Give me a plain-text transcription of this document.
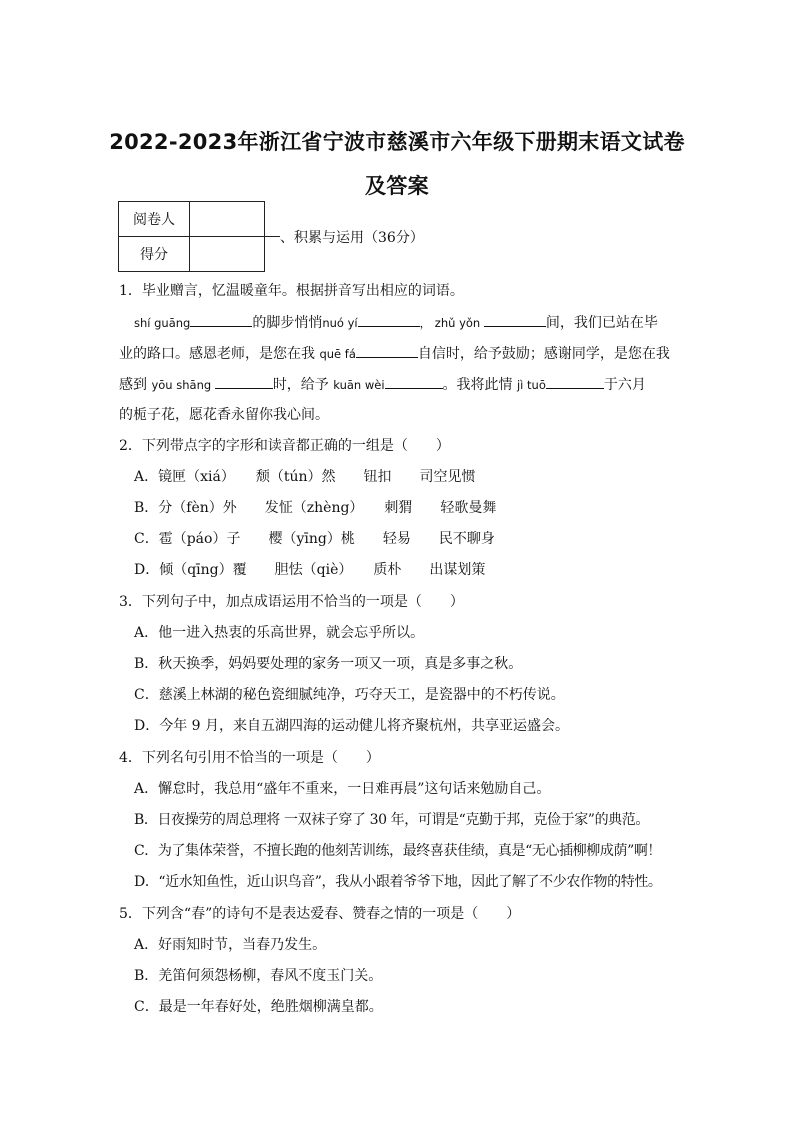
2022-2023年浙江省宁波市慈溪市六年级下册期末语文试卷
及答案
阅卷人	
得分	
、积累与运用（36分）
1．毕业赠言，忆温暖童年。根据拼音写出相应的词语。
shí guāng	的脚步悄悄nuó yí	， zhǔ yǒn	间，我们已站在毕
业的路口。感恩老师，是您在我 quē fá	自信时，给予鼓励；感谢同学，是您在我
感到 yōu shāng	时，给予 kuān wèi	。我将此情 jì tuō	于六月
的栀子花，愿花香永留你我心间。
2．下列带点字的字形和读音都正确的一组是（　　）
A．镜匣（xiá）　　颓（tún）然　　钮扣　　司空见惯
B．分（fèn）外　　发怔（zhèng）　　刺猬　　轻歌曼舞
C．雹（páo）子　　樱（yīng）桃　　轻易　　民不聊身
D．倾（qīng）覆　　胆怯（qiè）　　质朴　　出谋划策
3．下列句子中，加点成语运用不恰当的一项是（　　）
A．他一进入热衷的乐高世界，就会忘乎所以。
B．秋天换季，妈妈要处理的家务一项又一项，真是多事之秋。
C．慈溪上林湖的秘色瓷细腻纯净，巧夺天工，是瓷器中的不朽传说。
D．今年 9 月，来自五湖四海的运动健儿将齐聚杭州，共享亚运盛会。
4．下列名句引用不恰当的一项是（　　）
A．懈怠时，我总用“盛年不重来，一日难再晨”这句话来勉励自己。
B．日夜操劳的周总理将 一双袜子穿了 30 年，可谓是“克勤于邦，克俭于家”的典范。
C．为了集体荣誉，不擅长跑的他刻苦训练，最终喜获佳绩，真是“无心插柳柳成荫”啊！
D．“近水知鱼性，近山识鸟音”，我从小跟着爷爷下地，因此了解了不少农作物的特性。
5．下列含“春”的诗句不是表达爱春、赞春之情的一项是（　　）
A．好雨知时节，当春乃发生。
B．羌笛何须怨杨柳，春风不度玉门关。
C．最是一年春好处，绝胜烟柳满皇都。
